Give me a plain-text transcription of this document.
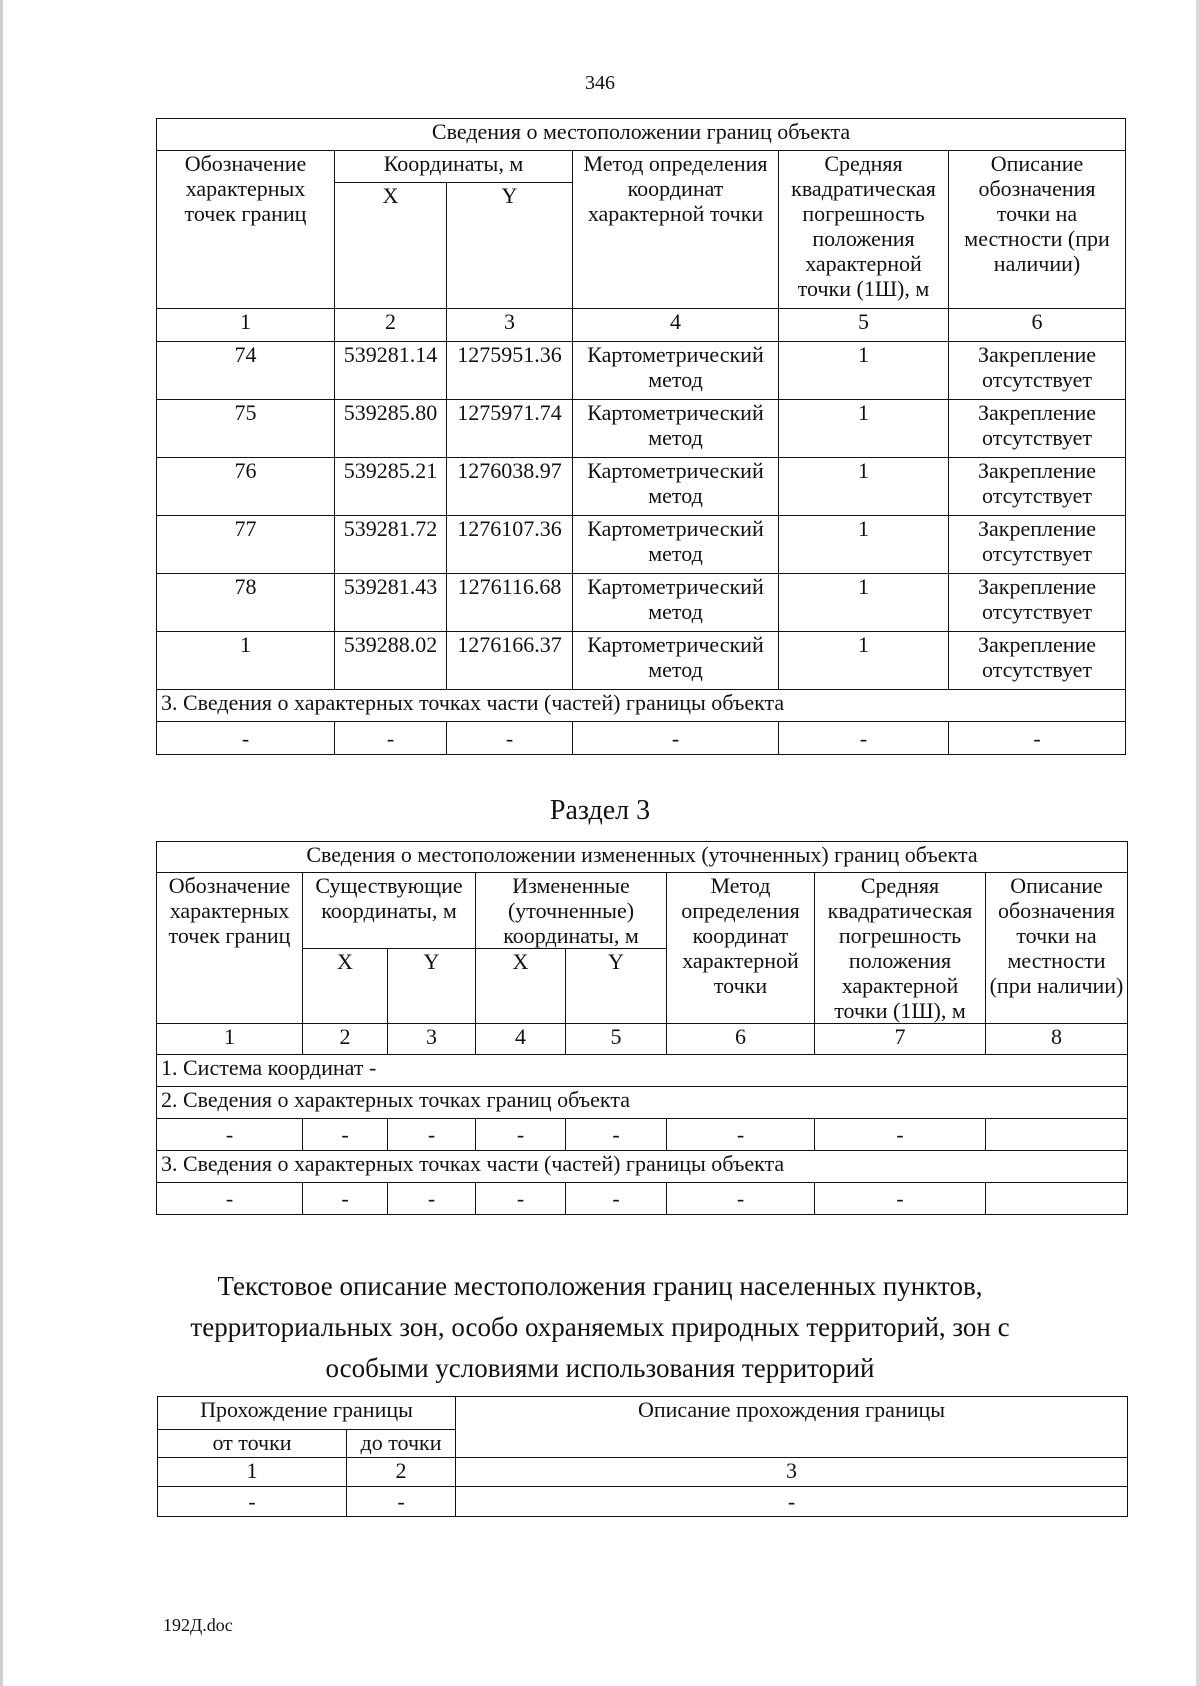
346
Сведения о местоположении границ объекта					
Обозначение характерных точек границ	Координаты, м		Метод определения координат характерной точки	Средняя квадратическая погрешность положения характерной точки (1Ш), м	Описание обозначения точки на местности (при наличии)
	X	Y			
1	2	3	4	5	6
74	539281.14	1275951.36	Картометрический метод	1	Закрепление отсутствует
75	539285.80	1275971.74	Картометрический метод	1	Закрепление отсутствует
76	539285.21	1276038.97	Картометрический метод	1	Закрепление отсутствует
77	539281.72	1276107.36	Картометрический метод	1	Закрепление отсутствует
78	539281.43	1276116.68	Картометрический метод	1	Закрепление отсутствует
1	539288.02	1276166.37	Картометрический метод	1	Закрепление отсутствует
3. Сведения о характерных точках части (частей) границы объекта					
-	-	-	-	-	-
Раздел 3
Сведения о местоположении измененных (уточненных) границ объекта							
Обозначение характерных точек границ	Существующие координаты, м		Измененные (уточненные) координаты, м		Метод определения координат характерной точки	Средняя квадратическая погрешность положения характерной точки (1Ш), м	Описание обозначения точки на местности (при наличии)
	X	Y	X	Y			
1	2	3	4	5	6	7	8
1. Система координат -							
2. Сведения о характерных точках границ объекта							
-	-	-	-	-	-	-	
3. Сведения о характерных точках части (частей) границы объекта							
-	-	-	-	-	-	-	
Текстовое описание местоположения границ населенных пунктов,
территориальных зон, особо охраняемых природных территорий, зон с
особыми условиями использования территорий
Прохождение границы		Описание прохождения границы
от точки	до точки	
1	2	3
-	-	-
192Д.doc
